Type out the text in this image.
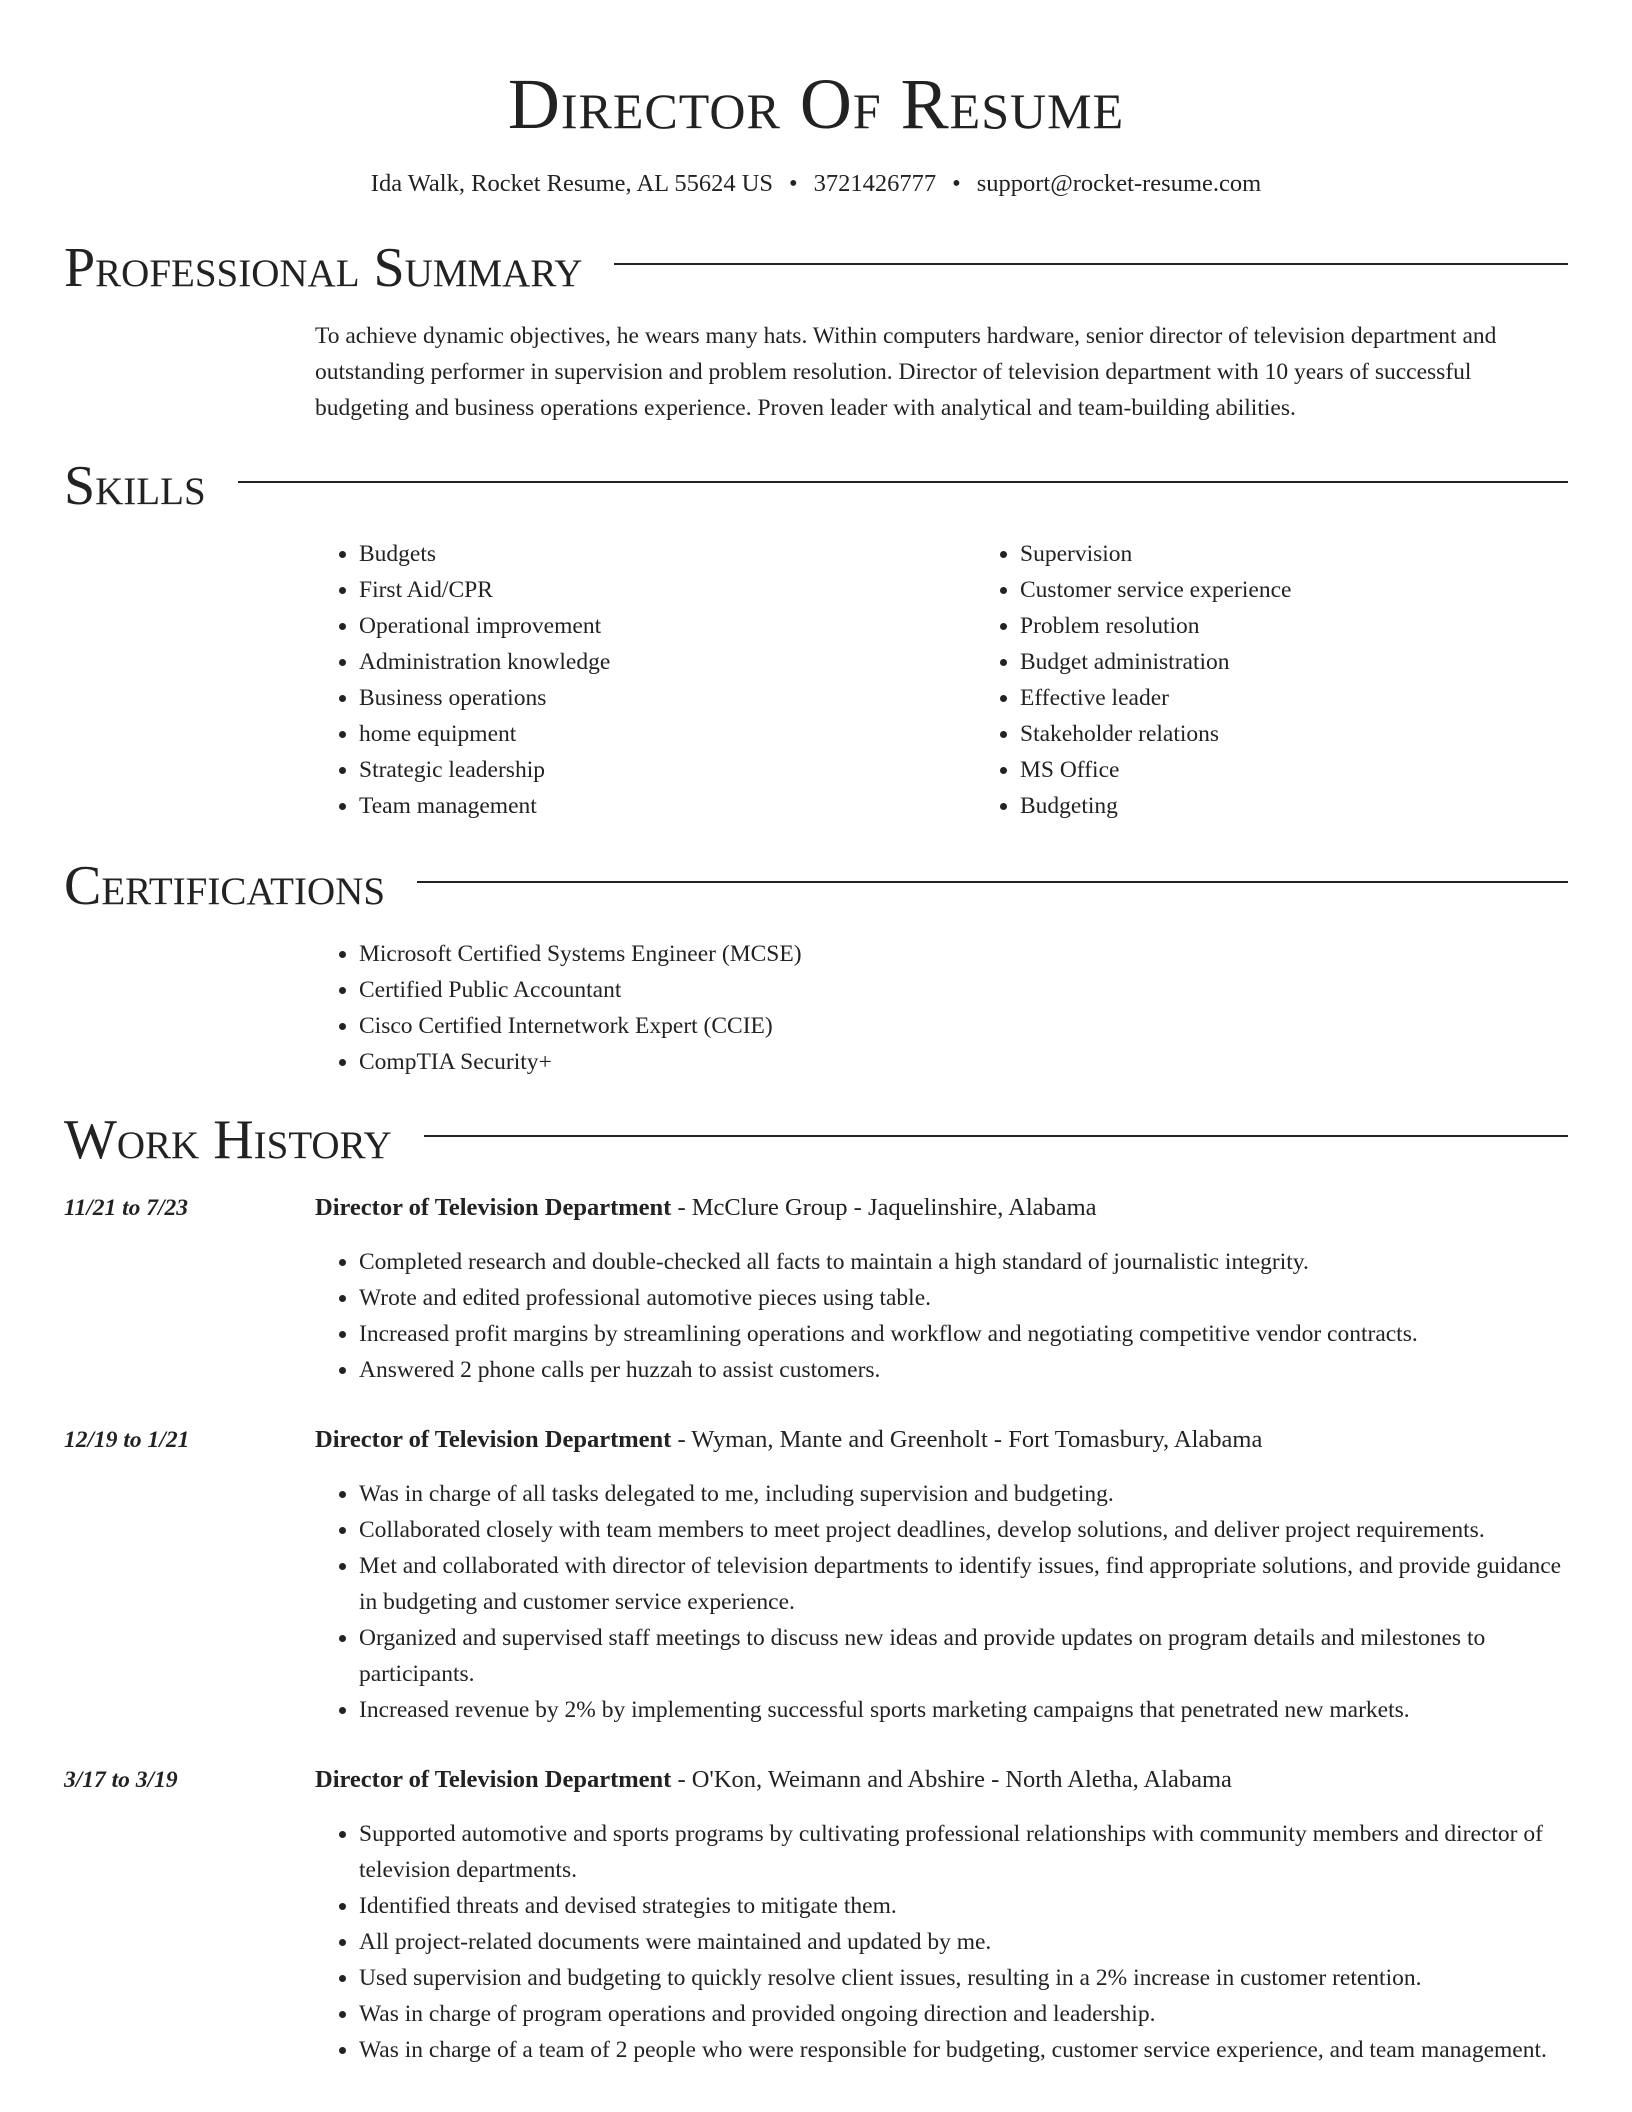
Director Of Resume
Ida Walk, Rocket Resume, AL 55624 US • 3721426777 • support@rocket-resume.com
Professional Summary

To achieve dynamic objectives, he wears many hats. Within computers hardware, senior director of television department and outstanding performer in supervision and problem resolution. Director of television department with 10 years of successful budgeting and business operations experience. Proven leader with analytical and team-building abilities.

Skills
• Budgets
• First Aid/CPR
• Operational improvement
• Administration knowledge
• Business operations
• home equipment
• Strategic leadership
• Team management
• Supervision
• Customer service experience
• Problem resolution
• Budget administration
• Effective leader
• Stakeholder relations
• MS Office
• Budgeting
Certifications
• Microsoft Certified Systems Engineer (MCSE)
• Certified Public Accountant
• Cisco Certified Internetwork Expert (CCIE)
• CompTIA Security+
Work History
11/21 to 7/23	Director of Television Department - McClure Group - Jaquelinshire, Alabama
• Completed research and double-checked all facts to maintain a high standard of journalistic integrity.
• Wrote and edited professional automotive pieces using table.
• Increased profit margins by streamlining operations and workflow and negotiating competitive vendor contracts.
• Answered 2 phone calls per huzzah to assist customers.
12/19 to 1/21	Director of Television Department - Wyman, Mante and Greenholt - Fort Tomasbury, Alabama
• Was in charge of all tasks delegated to me, including supervision and budgeting.
• Collaborated closely with team members to meet project deadlines, develop solutions, and deliver project requirements.
• Met and collaborated with director of television departments to identify issues, find appropriate solutions, and provide guidance in budgeting and customer service experience.
• Organized and supervised staff meetings to discuss new ideas and provide updates on program details and milestones to participants.
• Increased revenue by 2% by implementing successful sports marketing campaigns that penetrated new markets.
3/17 to 3/19	Director of Television Department - O'Kon, Weimann and Abshire - North Aletha, Alabama
• Supported automotive and sports programs by cultivating professional relationships with community members and director of television departments.
• Identified threats and devised strategies to mitigate them.
• All project-related documents were maintained and updated by me.
• Used supervision and budgeting to quickly resolve client issues, resulting in a 2% increase in customer retention.
• Was in charge of program operations and provided ongoing direction and leadership.
• Was in charge of a team of 2 people who were responsible for budgeting, customer service experience, and team management.
